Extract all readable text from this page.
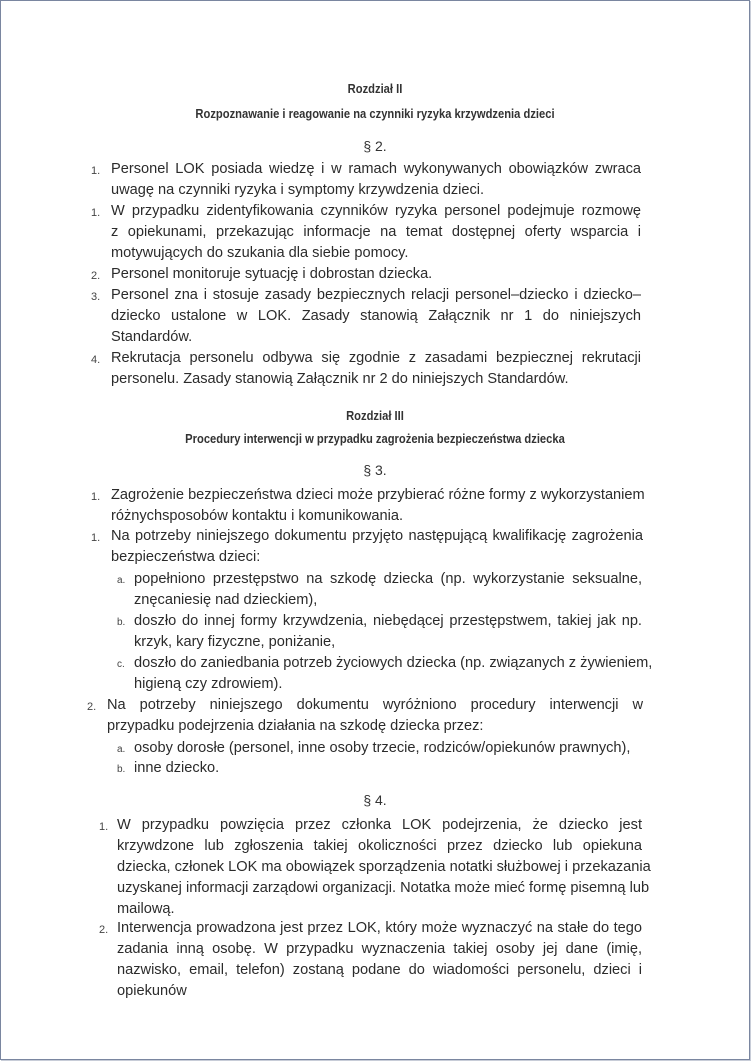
Rozdział II
Rozpoznawanie i reagowanie na czynniki ryzyka krzywdzenia dzieci
§ 2.
1. Personel LOK posiada wiedzę i w ramach wykonywanych obowiązków zwraca
uwagę na czynniki ryzyka i symptomy krzywdzenia dzieci.
1. W przypadku zidentyfikowania czynników ryzyka personel podejmuje rozmowę
z opiekunami, przekazując informacje na temat dostępnej oferty wsparcia i
motywujących do szukania dla siebie pomocy.
2. Personel monitoruje sytuację i dobrostan dziecka.
3. Personel zna i stosuje zasady bezpiecznych relacji personel–dziecko i dziecko–
dziecko ustalone w LOK. Zasady stanowią Załącznik nr 1 do niniejszych
Standardów.
4. Rekrutacja personelu odbywa się zgodnie z zasadami bezpiecznej rekrutacji
personelu. Zasady stanowią Załącznik nr 2 do niniejszych Standardów.
Rozdział III
Procedury interwencji w przypadku zagrożenia bezpieczeństwa dziecka
§ 3.
1. Zagrożenie bezpieczeństwa dzieci może przybierać różne formy z wykorzystaniem
różnychsposobów kontaktu i komunikowania.
1. Na potrzeby niniejszego dokumentu przyjęto następującą kwalifikację zagrożenia
bezpieczeństwa dzieci:
a. popełniono przestępstwo na szkodę dziecka (np. wykorzystanie seksualne,
znęcaniesię nad dzieckiem),
b. doszło do innej formy krzywdzenia, niebędącej przestępstwem, takiej jak np.
krzyk, kary fizyczne, poniżanie,
c. doszło do zaniedbania potrzeb życiowych dziecka (np. związanych z żywieniem,
higieną czy zdrowiem).
2. Na potrzeby niniejszego dokumentu wyróżniono procedury interwencji w
przypadku podejrzenia działania na szkodę dziecka przez:
a. osoby dorosłe (personel, inne osoby trzecie, rodziców/opiekunów prawnych),
b. inne dziecko.
§ 4.
1. W przypadku powzięcia przez członka LOK podejrzenia, że dziecko jest
krzywdzone lub zgłoszenia takiej okoliczności przez dziecko lub opiekuna
dziecka, członek LOK ma obowiązek sporządzenia notatki służbowej i przekazania
uzyskanej informacji zarządowi organizacji. Notatka może mieć formę pisemną lub
mailową.
2. Interwencja prowadzona jest przez LOK, który może wyznaczyć na stałe do tego
zadania inną osobę. W przypadku wyznaczenia takiej osoby jej dane (imię,
nazwisko, email, telefon) zostaną podane do wiadomości personelu, dzieci i
opiekunów
